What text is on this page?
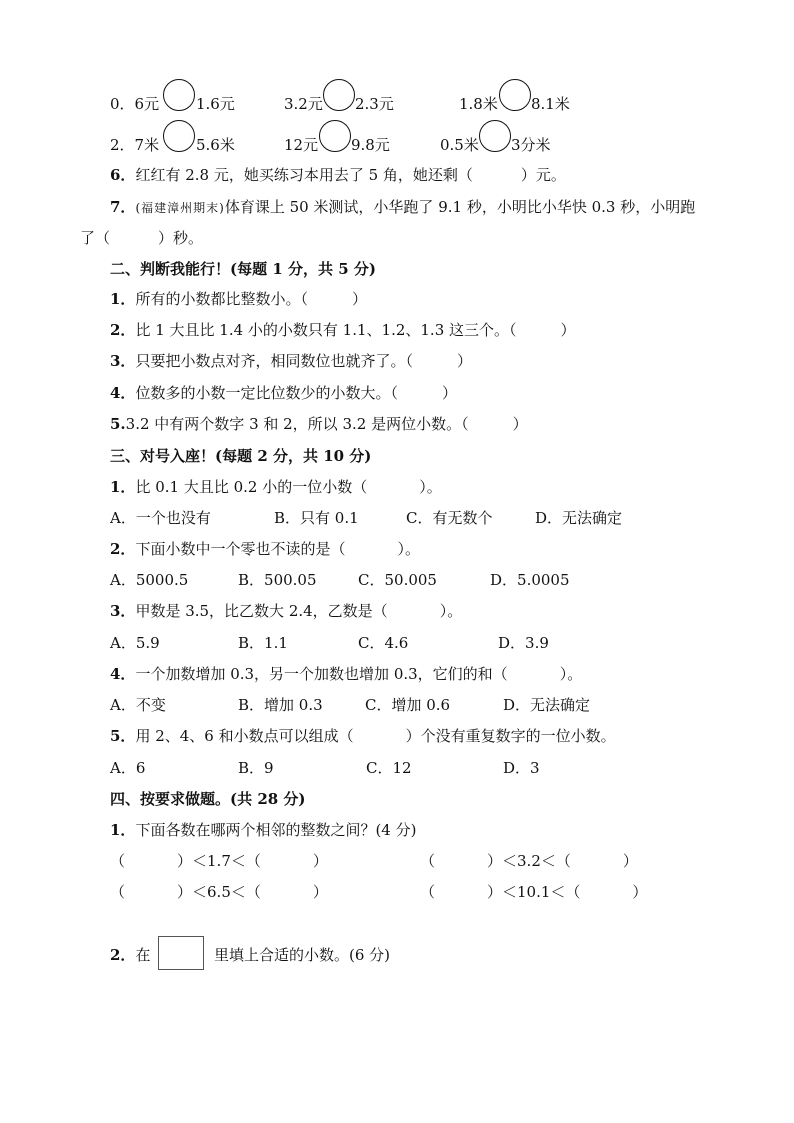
0．6元 1.6元	3.2元 2.3元	1.8米 8.1米
2．7米 5.6米	12元 9.8元	0.5米 3分米
6．红红有 2.8 元，她买练习本用去了 5 角，她还剩（	）元。
7．(福建漳州期末)体育课上 50 米测试，小华跑了 9.1 秒，小明比小华快 0.3 秒，小明跑
了（	）秒。
二、判断我能行！(每题 1 分，共 5 分)
1．所有的小数都比整数小。（	）
2．比 1 大且比 1.4 小的小数只有 1.1、1.2、1.3 这三个。（	）
3．只要把小数点对齐，相同数位也就齐了。（	）
4．位数多的小数一定比位数少的小数大。（	）
5.3.2 中有两个数字 3 和 2，所以 3.2 是两位小数。（	）
三、对号入座！(每题 2 分，共 10 分)
1．比 0.1 大且比 0.2 小的一位小数（	）。
A．一个也没有	B．只有 0.1	C．有无数个	D．无法确定
2．下面小数中一个零也不读的是（	）。
A．5000.5	B．500.05	C．50.005	D．5.0005
3．甲数是 3.5，比乙数大 2.4，乙数是（	）。
A．5.9	B．1.1	C．4.6	D．3.9
4．一个加数增加 0.3，另一个加数也增加 0.3，它们的和（	）。
A．不变	B．增加 0.3	C．增加 0.6	D．无法确定
5．用 2、4、6 和小数点可以组成（	）个没有重复数字的一位小数。
A．6	B．9	C．12	D．3
四、按要求做题。(共 28 分)
1．下面各数在哪两个相邻的整数之间？(4 分)
（	）＜1.7＜（	）	（	）＜3.2＜（	）
（	）＜6.5＜（	）	（	）＜10.1＜（	）
2．在	里填上合适的小数。(6 分)
